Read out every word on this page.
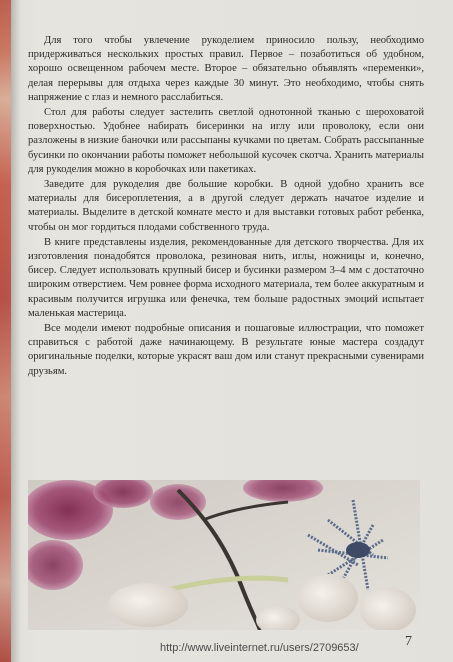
Для того чтобы увлечение рукоделием приносило пользу, необходимо придерживаться нескольких простых правил. Первое – позаботиться об удобном, хорошо освещенном рабочем месте. Второе – обязательно объявлять «переменки», делая перерывы для отдыха через каждые 30 минут. Это необходимо, чтобы снять напряжение с глаз и немного расслабиться.

Стол для работы следует застелить светлой однотонной тканью с шероховатой поверхностью. Удобнее набирать бисеринки на иглу или проволоку, если они разложены в низкие баночки или рассыпаны кучками по цветам. Собрать рассыпанные бусинки по окончании работы поможет небольшой кусочек скотча. Хранить материалы для рукоделия можно в коробочках или пакетиках.

Заведите для рукоделия две большие коробки. В одной удобно хранить все материалы для бисероплетения, а в другой следует держать начатое изделие и материалы. Выделите в детской комнате место и для выставки готовых работ ребенка, чтобы он мог гордиться плодами собственного труда.

В книге представлены изделия, рекомендованные для детского творчества. Для их изготовления понадобятся проволока, резиновая нить, иглы, ножницы и, конечно, бисер. Следует использовать крупный бисер и бусинки размером 3–4 мм с достаточно широким отверстием. Чем ровнее форма исходного материала, тем более аккуратным и красивым получится игрушка или фенечка, тем больше радостных эмоций испытает маленькая мастерица.

Все модели имеют подробные описания и пошаговые иллюстрации, что поможет справиться с работой даже начинающему. В результате юные мастера создадут оригинальные поделки, которые украсят ваш дом или станут прекрасными сувенирами друзьям.

7
http://www.liveinternet.ru/users/2709653/
